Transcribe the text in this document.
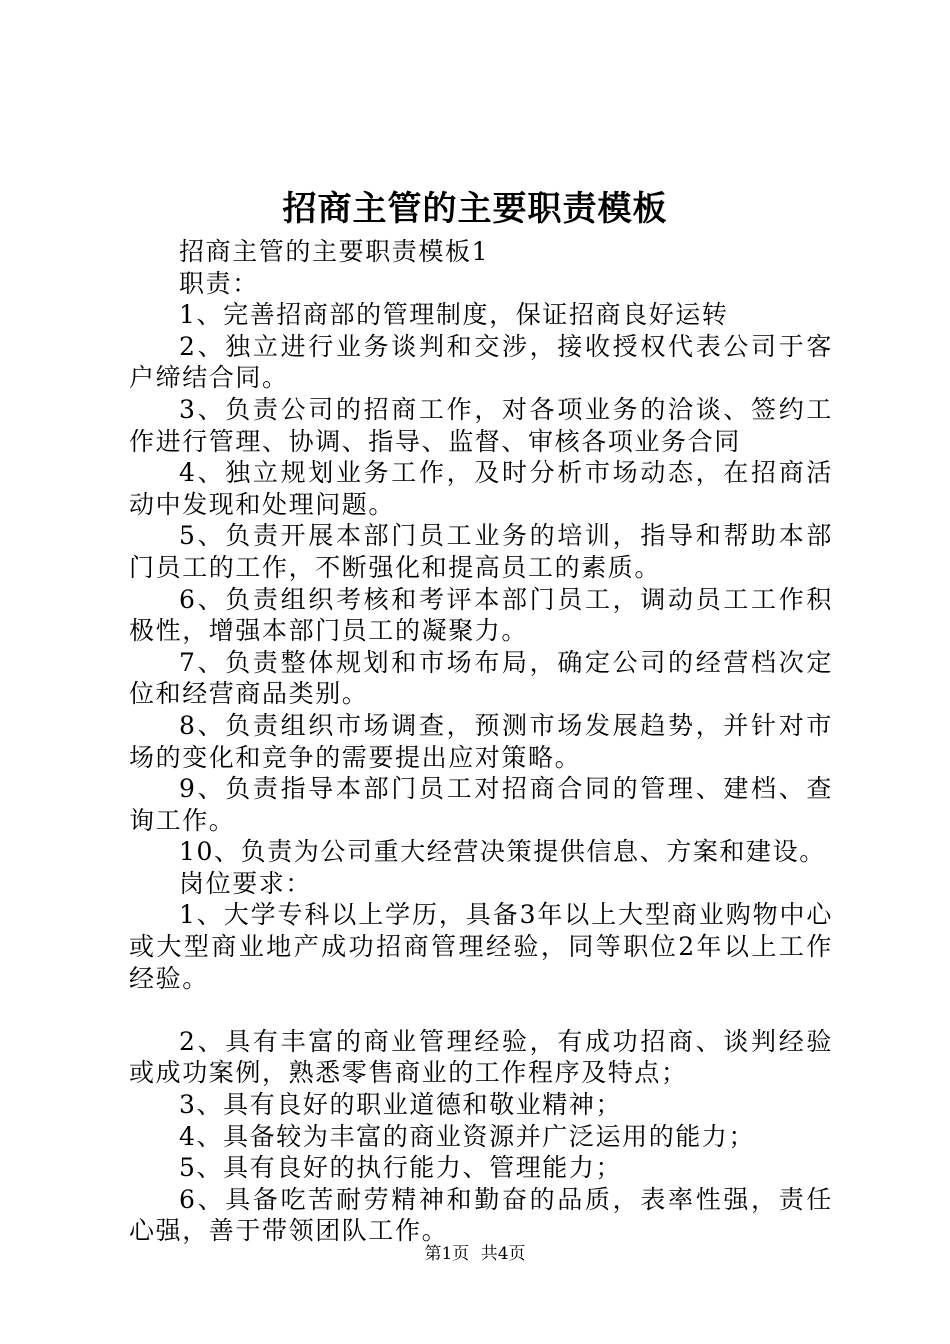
招商主管的主要职责模板

招商主管的主要职责模板1

职责：

1、完善招商部的管理制度，保证招商良好运转

2、独立进行业务谈判和交涉，接收授权代表公司于客户缔结合同。

3、负责公司的招商工作，对各项业务的洽谈、签约工作进行管理、协调、指导、监督、审核各项业务合同

4、独立规划业务工作，及时分析市场动态，在招商活动中发现和处理问题。

5、负责开展本部门员工业务的培训，指导和帮助本部门员工的工作，不断强化和提高员工的素质。

6、负责组织考核和考评本部门员工，调动员工工作积极性，增强本部门员工的凝聚力。

7、负责整体规划和市场布局，确定公司的经营档次定位和经营商品类别。

8、负责组织市场调查，预测市场发展趋势，并针对市场的变化和竞争的需要提出应对策略。

9、负责指导本部门员工对招商合同的管理、建档、查询工作。

10、负责为公司重大经营决策提供信息、方案和建设。

岗位要求：

1、大学专科以上学历，具备3年以上大型商业购物中心或大型商业地产成功招商管理经验，同等职位2年以上工作经验。

2、具有丰富的商业管理经验，有成功招商、谈判经验或成功案例，熟悉零售商业的工作程序及特点；

3、具有良好的职业道德和敬业精神；

4、具备较为丰富的商业资源并广泛运用的能力；

5、具有良好的执行能力、管理能力；

6、具备吃苦耐劳精神和勤奋的品质，表率性强，责任心强，善于带领团队工作。

第1页 共4页
